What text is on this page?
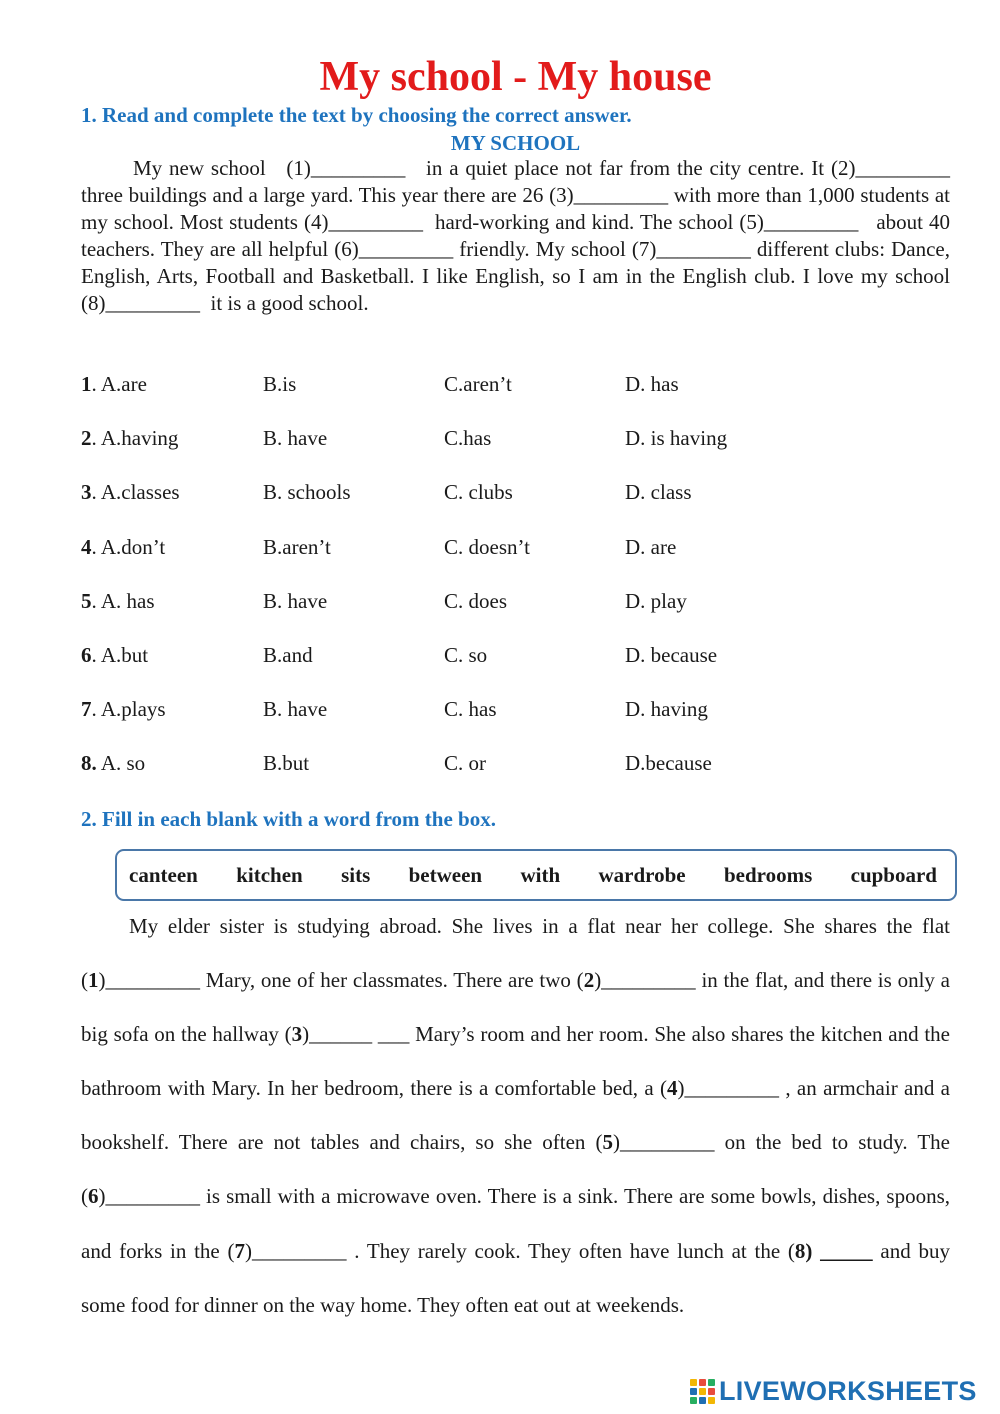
My school - My house
1. Read and complete the text by choosing the correct answer.
MY SCHOOL
My new school (1)_________ in a quiet place not far from the city centre. It (2)_________ three buildings and a large yard. This year there are 26 (3)_________ with more than 1,000 students at my school. Most students (4)_________ hard-working and kind. The school (5)_________ about 40 teachers. They are all helpful (6)_________ friendly. My school (7)_________ different clubs: Dance, English, Arts, Football and Basketball. I like English, so I am in the English club. I love my school (8)_________ it is a good school.
1. A.are	B.is	C.aren’t	D. has
2. A.having	B. have	C.has	D. is having
3. A.classes	B. schools	C. clubs	D. class
4. A.don’t	B.aren’t	C. doesn’t	D. are
5. A. has	B. have	C. does	D. play
6. A.but	B.and	C. so	D. because
7. A.plays	B. have	C. has	D. having
8. A. so	B.but	C. or	D.because
2. Fill in each blank with a word from the box.
canteen kitchen sits between with wardrobe bedrooms cupboard
My elder sister is studying abroad. She lives in a flat near her college. She shares the flat (1)_________ Mary, one of her classmates. There are two (2)_________ in the flat, and there is only a big sofa on the hallway (3)______ ___ Mary’s room and her room. She also shares the kitchen and the bathroom with Mary. In her bedroom, there is a comfortable bed, a (4)_________ , an armchair and a bookshelf. There are not tables and chairs, so she often (5)_________ on the bed to study. The (6)_________ is small with a microwave oven. There is a sink. There are some bowls, dishes, spoons, and forks in the (7)_________ . They rarely cook. They often have lunch at the (8) _____ and buy some food for dinner on the way home. They often eat out at weekends.
LIVEWORKSHEETS
